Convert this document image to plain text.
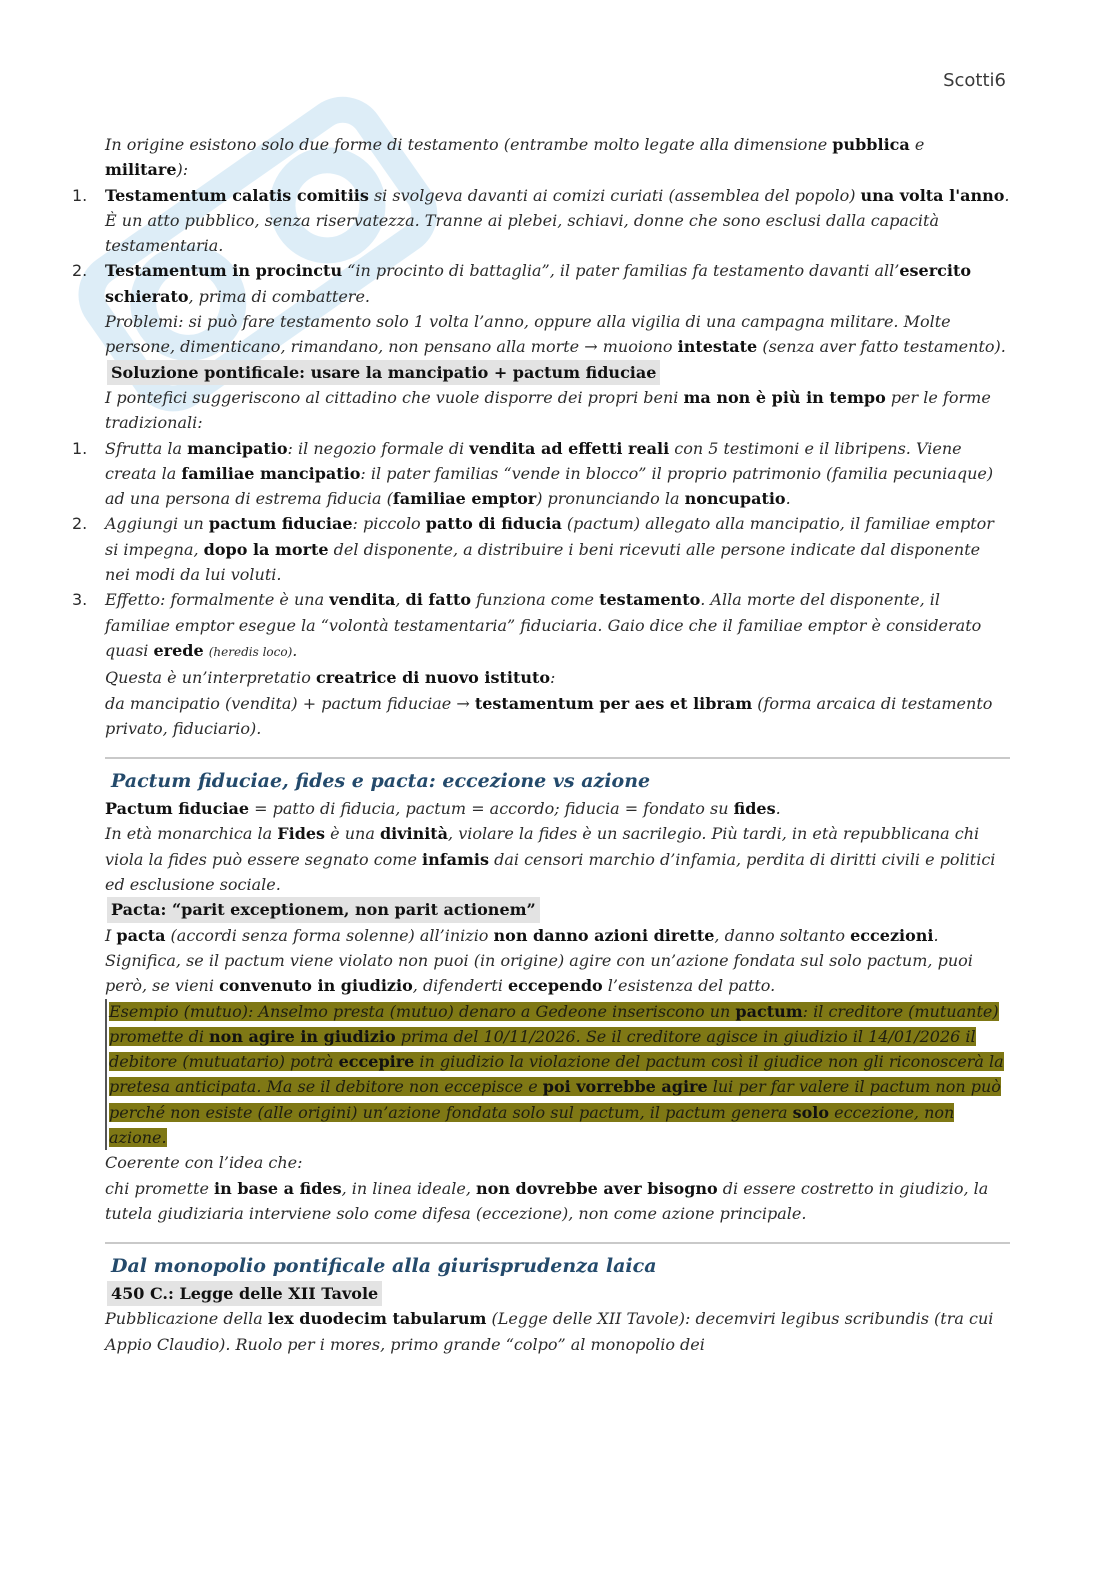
Scotti6

In origine esistono solo due forme di testamento (entrambe molto legate alla dimensione pubblica e militare):

1. Testamentum calatis comitiis si svolgeva davanti ai comizi curiati (assemblea del popolo) una volta l'anno. È un atto pubblico, senza riservatezza. Tranne ai plebei, schiavi, donne che sono esclusi dalla capacità testamentaria.
2. Testamentum in procinctu “in procinto di battaglia”, il pater familias fa testamento davanti all’esercito schierato, prima di combattere.

Problemi: si può fare testamento solo 1 volta l’anno, oppure alla vigilia di una campagna militare. Molte persone, dimenticano, rimandano, non pensano alla morte → muoiono intestate (senza aver fatto testamento).

Soluzione pontificale: usare la mancipatio + pactum fiduciae

I pontefici suggeriscono al cittadino che vuole disporre dei propri beni ma non è più in tempo per le forme tradizionali:

1. Sfrutta la mancipatio: il negozio formale di vendita ad effetti reali con 5 testimoni e il libripens. Viene creata la familiae mancipatio: il pater familias “vende in blocco” il proprio patrimonio (familia pecuniaque) ad una persona di estrema fiducia (familiae emptor) pronunciando la noncupatio.
2. Aggiungi un pactum fiduciae: piccolo patto di fiducia (pactum) allegato alla mancipatio, il familiae emptor si impegna, dopo la morte del disponente, a distribuire i beni ricevuti alle persone indicate dal disponente nei modi da lui voluti.
3. Effetto: formalmente è una vendita, di fatto funziona come testamento. Alla morte del disponente, il familiae emptor esegue la “volontà testamentaria” fiduciaria. Gaio dice che il familiae emptor è considerato quasi erede (heredis loco).
Questa è un’interpretatio creatrice di nuovo istituto:
da mancipatio (vendita) + pactum fiduciae → testamentum per aes et libram (forma arcaica di testamento privato, fiduciario).
Pactum fiduciae, fides e pacta: eccezione vs azione

Pactum fiduciae = patto di fiducia, pactum = accordo; fiducia = fondato su fides.

In età monarchica la Fides è una divinità, violare la fides è un sacrilegio. Più tardi, in età repubblicana chi viola la fides può essere segnato come infamis dai censori marchio d’infamia, perdita di diritti civili e politici ed esclusione sociale.

Pacta: “parit exceptionem, non parit actionem”

I pacta (accordi senza forma solenne) all’inizio non danno azioni dirette, danno soltanto eccezioni. Significa, se il pactum viene violato non puoi (in origine) agire con un’azione fondata sul solo pactum, puoi però, se vieni convenuto in giudizio, difenderti eccependo l’esistenza del patto.

Esempio (mutuo): Anselmo presta (mutuo) denaro a Gedeone inseriscono un pactum: il creditore (mutuante) promette di non agire in giudizio prima del 10/11/2026. Se il creditore agisce in giudizio il 14/01/2026 il debitore (mutuatario) potrà eccepire in giudizio la violazione del pactum così il giudice non gli riconoscerà la pretesa anticipata. Ma se il debitore non eccepisce e poi vorrebbe agire lui per far valere il pactum non può perché non esiste (alle origini) un’azione fondata solo sul pactum, il pactum genera solo eccezione, non azione.

Coerente con l’idea che:

chi promette in base a fides, in linea ideale, non dovrebbe aver bisogno di essere costretto in giudizio, la tutela giudiziaria interviene solo come difesa (eccezione), non come azione principale.

Dal monopolio pontificale alla giurisprudenza laica

450 C.: Legge delle XII Tavole

Pubblicazione della lex duodecim tabularum (Legge delle XII Tavole): decemviri legibus scribundis (tra cui Appio Claudio). Ruolo per i mores, primo grande “colpo” al monopolio dei
